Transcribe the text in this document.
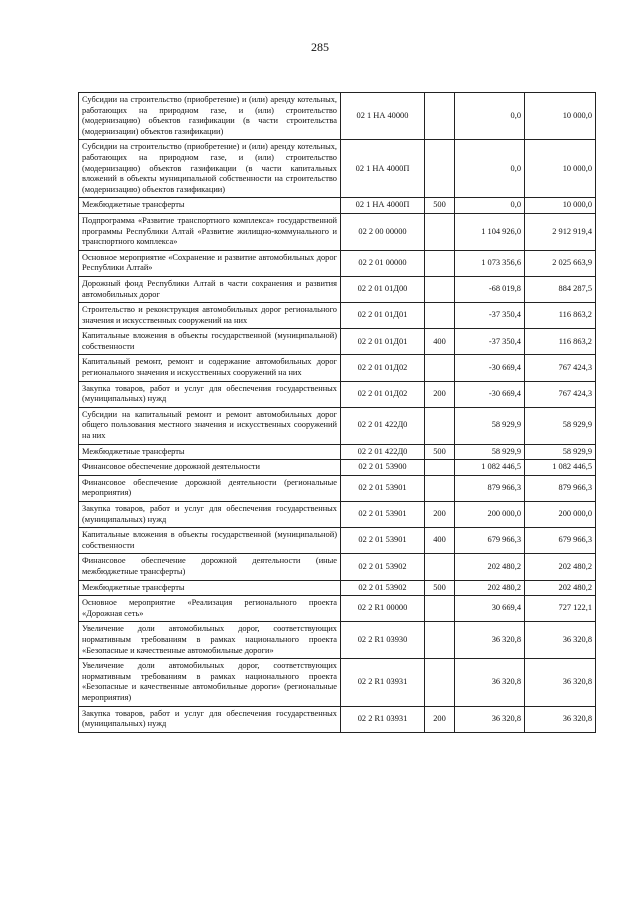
285
Субсидии на строительство (приобретение) и (или) аренду котельных, работающих на природном газе, и (или) строительство (модернизацию) объектов газификации (в части строительства (модернизации) объектов газификации)	02 1 НА 40000		0,0	10 000,0
Субсидии на строительство (приобретение) и (или) аренду котельных, работающих на природном газе, и (или) строительство (модернизацию) объектов газификации (в части капитальных вложений в объекты муниципальной собственности на строительство (модернизацию) объектов газификации)	02 1 НА 4000П		0,0	10 000,0
Межбюджетные трансферты	02 1 НА 4000П	500	0,0	10 000,0
Подпрограмма «Развитие транспортного комплекса» государственной программы Республики Алтай «Развитие жилищно-коммунального и транспортного комплекса»	02 2 00 00000		1 104 926,0	2 912 919,4
Основное мероприятие «Сохранение и развитие автомобильных дорог Республики Алтай»	02 2 01 00000		1 073 356,6	2 025 663,9
Дорожный фонд Республики Алтай в части сохранения и развития автомобильных дорог	02 2 01 01Д00		-68 019,8	884 287,5
Строительство и реконструкция автомобильных дорог регионального значения и искусственных сооружений на них	02 2 01 01Д01		-37 350,4	116 863,2
Капитальные вложения в объекты государственной (муниципальной) собственности	02 2 01 01Д01	400	-37 350,4	116 863,2
Капитальный ремонт, ремонт и содержание автомобильных дорог регионального значения и искусственных сооружений на них	02 2 01 01Д02		-30 669,4	767 424,3
Закупка товаров, работ и услуг для обеспечения государственных (муниципальных) нужд	02 2 01 01Д02	200	-30 669,4	767 424,3
Субсидии на капитальный ремонт и ремонт автомобильных дорог общего пользования местного значения и искусственных сооружений на них	02 2 01 422Д0		58 929,9	58 929,9
Межбюджетные трансферты	02 2 01 422Д0	500	58 929,9	58 929,9
Финансовое обеспечение дорожной деятельности	02 2 01 53900		1 082 446,5	1 082 446,5
Финансовое обеспечение дорожной деятельности (региональные мероприятия)	02 2 01 53901		879 966,3	879 966,3
Закупка товаров, работ и услуг для обеспечения государственных (муниципальных) нужд	02 2 01 53901	200	200 000,0	200 000,0
Капитальные вложения в объекты государственной (муниципальной) собственности	02 2 01 53901	400	679 966,3	679 966,3
Финансовое обеспечение дорожной деятельности (иные межбюджетные трансферты)	02 2 01 53902		202 480,2	202 480,2
Межбюджетные трансферты	02 2 01 53902	500	202 480,2	202 480,2
Основное мероприятие «Реализация регионального проекта «Дорожная сеть»	02 2 R1 00000		30 669,4	727 122,1
Увеличение доли автомобильных дорог, соответствующих нормативным требованиям в рамках национального проекта «Безопасные и качественные автомобильные дороги»	02 2 R1 03930		36 320,8	36 320,8
Увеличение доли автомобильных дорог, соответствующих нормативным требованиям в рамках национального проекта «Безопасные и качественные автомобильные дороги» (региональные мероприятия)	02 2 R1 03931		36 320,8	36 320,8
Закупка товаров, работ и услуг для обеспечения государственных (муниципальных) нужд	02 2 R1 03931	200	36 320,8	36 320,8
